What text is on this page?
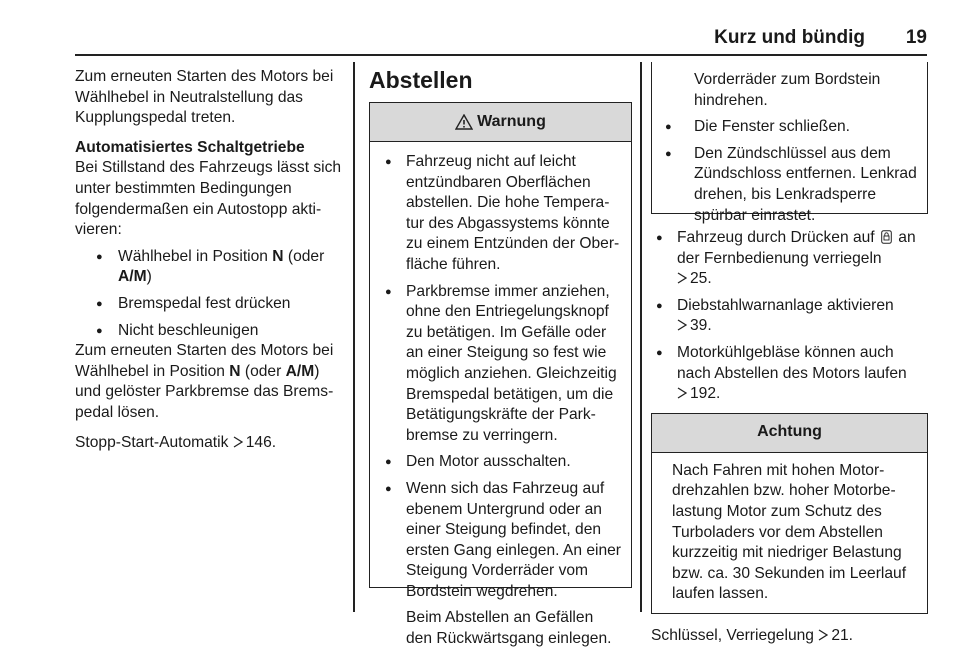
Kurz und bündig 19

Zum erneuten Starten des Motors bei Wählhebel in Neutralstellung das Kupplungspedal treten.

Automatisiertes Schaltgetriebe

Bei Stillstand des Fahrzeugs lässt sich unter bestimmten Bedingungen folgendermaßen ein Autostopp aktivieren:

● Wählhebel in Position N (oder A/M)
● Bremspedal fest drücken
● Nicht beschleunigen

Zum erneuten Starten des Motors bei Wählhebel in Position N (oder A/M) und gelöster Parkbremse das Bremspedal lösen.

Stopp-Start-Automatik 146.

Abstellen
Warnung
● Fahrzeug nicht auf leicht entzündbaren Oberflächen abstellen. Die hohe Temperatur des Abgassystems könnte zu einem Entzünden der Oberfläche führen.
● Parkbremse immer anziehen, ohne den Entriegelungsknopf zu betätigen. Im Gefälle oder an einer Steigung so fest wie möglich anziehen. Gleichzeitig Bremspedal betätigen, um die Betätigungskräfte der Parkbremse zu verringern.
● Den Motor ausschalten.
● Wenn sich das Fahrzeug auf ebenem Untergrund oder an einer Steigung befindet, den ersten Gang einlegen. An einer Steigung Vorderräder vom Bordstein wegdrehen.

Beim Abstellen an Gefällen den Rückwärtsgang einlegen.

Vorderräder zum Bordstein hindrehen.

● Die Fenster schließen.
● Den Zündschlüssel aus dem Zündschloss entfernen. Lenkrad drehen, bis Lenkradsperre spürbar einrastet.
● Fahrzeug durch Drücken auf  an der Fernbedienung verriegeln
25.
● Diebstahlwarnanlage aktivieren
39.
● Motorkühlgebläse können auch nach Abstellen des Motors laufen
192.
Achtung
Nach Fahren mit hohen Motordrehzahlen bzw. hoher Motorbelastung Motor zum Schutz des Turboladers vor dem Abstellen kurzzeitig mit niedriger Belastung bzw. ca. 30 Sekunden im Leerlauf laufen lassen.

Schlüssel, Verriegelung 21.
